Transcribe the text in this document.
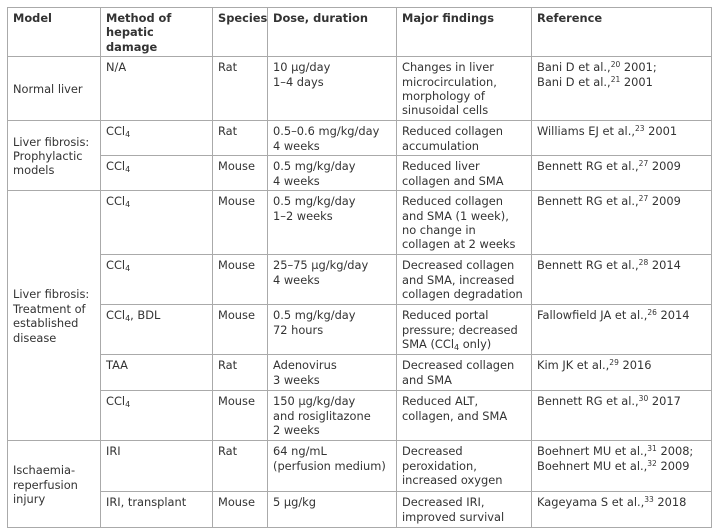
Model	Method of hepatic damage	Species	Dose, duration	Major findings	Reference
Normal liver	N/A	Rat	10 µg/day
1–4 days	Changes in liver
microcirculation,
morphology of
sinusoidal cells	Bani D et al.,$^{20}$ 2001;
Bani D et al.,$^{21}$ 2001

Liver fibrosis: Prophylactic models	CCl$_4$	Rat	0.5–0.6 mg/kg/day
4 weeks	Reduced collagen
accumulation	Williams EJ et al.,$^{23}$ 2001

	CCl$_4$	Mouse	0.5 mg/kg/day
4 weeks	Reduced liver
collagen and SMA	Bennett RG et al.,$^{27}$ 2009

Liver fibrosis: Treatment of established disease	CCl$_4$	Mouse	0.5 mg/kg/day
1–2 weeks	Reduced collagen
and SMA (1 week),
no change in
collagen at 2 weeks	Bennett RG et al.,$^{27}$ 2009

	CCl$_4$	Mouse	25–75 µg/kg/day
4 weeks	Decreased collagen
and SMA, increased
collagen degradation	Bennett RG et al.,$^{28}$ 2014

	CCl$_4$, BDL	Mouse	0.5 mg/kg/day
72 hours	Reduced portal
pressure; decreased
SMA (CCl$_4$ only)	Fallowfield JA et al.,$^{26}$ 2014

	TAA	Rat	Adenovirus
3 weeks	Decreased collagen
and SMA	Kim JK et al.,$^{29}$ 2016

	CCl$_4$	Mouse	150 µg/kg/day
and rosiglitazone
2 weeks	Reduced ALT,
collagen, and SMA	Bennett RG et al.,$^{30}$ 2017

Ischaemia-reperfusion injury	IRI	Rat	64 ng/mL
(perfusion medium)	Decreased
peroxidation,
increased oxygen	Boehnert MU et al.,$^{31}$ 2008;
Boehnert MU et al.,$^{32}$ 2009

	IRI, transplant	Mouse	5 µg/kg	Decreased IRI,
improved survival	Kageyama S et al.,$^{33}$ 2018
